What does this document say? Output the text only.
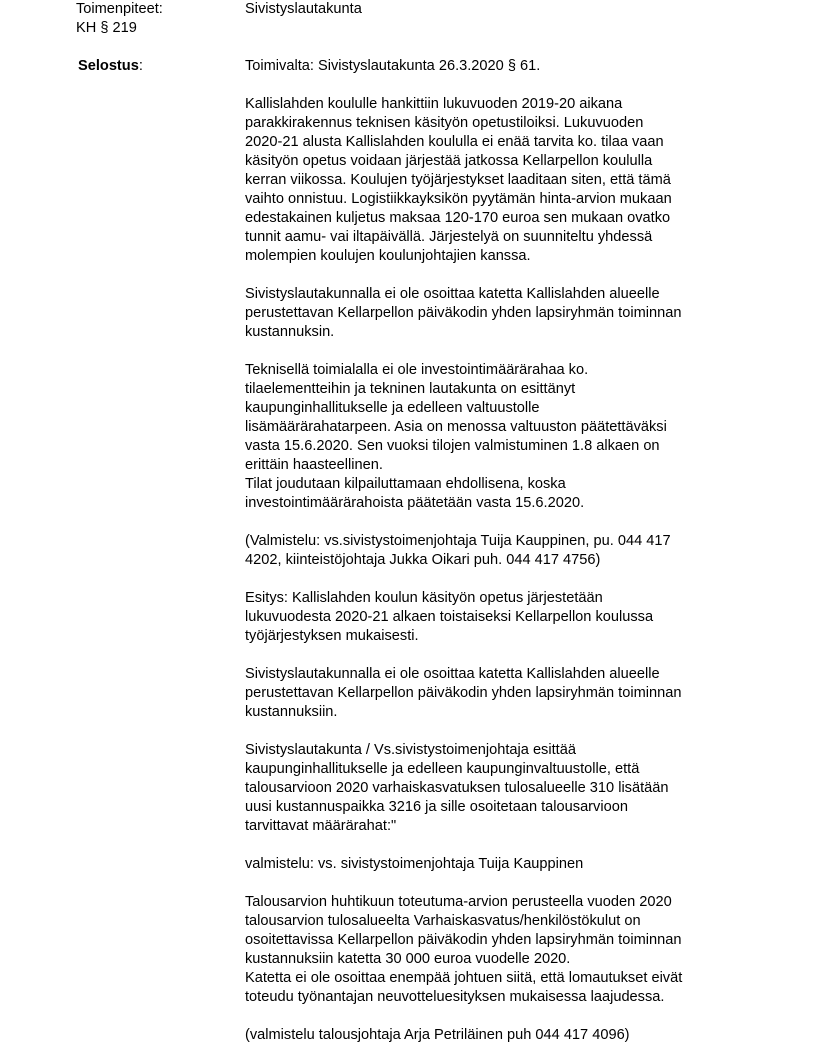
Toimenpiteet:
KH § 219
Sivistyslautakunta
Selostus:	Toimivalta: Sivistyslautakunta 26.3.2020 § 61.
Kallislahden koululle hankittiin lukuvuoden 2019-20 aikana
parakkirakennus teknisen käsityön opetustiloiksi. Lukuvuoden
2020-21 alusta Kallislahden koululla ei enää tarvita ko. tilaa vaan
käsityön opetus voidaan järjestää jatkossa Kellarpellon koululla
kerran viikossa. Koulujen työjärjestykset laaditaan siten, että tämä
vaihto onnistuu. Logistiikkayksikön pyytämän hinta-arvion mukaan
edestakainen kuljetus maksaa 120-170 euroa sen mukaan ovatko
tunnit aamu- vai iltapäivällä. Järjestelyä on suunniteltu yhdessä
molempien koulujen koulunjohtajien kanssa.
Sivistyslautakunnalla ei ole osoittaa katetta Kallislahden alueelle
perustettavan Kellarpellon päiväkodin yhden lapsiryhmän toiminnan
kustannuksin.
Teknisellä toimialalla ei ole investointimäärärahaa ko.
tilaelementteihin ja tekninen lautakunta on esittänyt
kaupunginhallitukselle ja edelleen valtuustolle
lisämäärärahatarpeen. Asia on menossa valtuuston päätettäväksi
vasta 15.6.2020. Sen vuoksi tilojen valmistuminen 1.8 alkaen on
erittäin haasteellinen.
Tilat joudutaan kilpailuttamaan ehdollisena, koska
investointimäärärahoista päätetään vasta 15.6.2020.
(Valmistelu: vs.sivistystoimenjohtaja Tuija Kauppinen, pu. 044 417
4202, kiinteistöjohtaja Jukka Oikari puh. 044 417 4756)
Esitys: Kallislahden koulun käsityön opetus järjestetään
lukuvuodesta 2020-21 alkaen toistaiseksi Kellarpellon koulussa
työjärjestyksen mukaisesti.
Sivistyslautakunnalla ei ole osoittaa katetta Kallislahden alueelle
perustettavan Kellarpellon päiväkodin yhden lapsiryhmän toiminnan
kustannuksiin.
Sivistyslautakunta / Vs.sivistystoimenjohtaja esittää
kaupunginhallitukselle ja edelleen kaupunginvaltuustolle, että
talousarvioon 2020 varhaiskasvatuksen tulosalueelle 310 lisätään
uusi kustannuspaikka 3216 ja sille osoitetaan talousarvioon
tarvittavat määrärahat:"
valmistelu: vs. sivistystoimenjohtaja Tuija Kauppinen
Talousarvion huhtikuun toteutuma-arvion perusteella vuoden 2020
talousarvion tulosalueelta Varhaiskasvatus/henkilöstökulut on
osoitettavissa Kellarpellon päiväkodin yhden lapsiryhmän toiminnan
kustannuksiin katetta 30 000 euroa vuodelle 2020.
Katetta ei ole osoittaa enempää johtuen siitä, että lomautukset eivät
toteudu työnantajan neuvotteluesityksen mukaisessa laajudessa.
(valmistelu talousjohtaja Arja Petriläinen puh 044 417 4096)
